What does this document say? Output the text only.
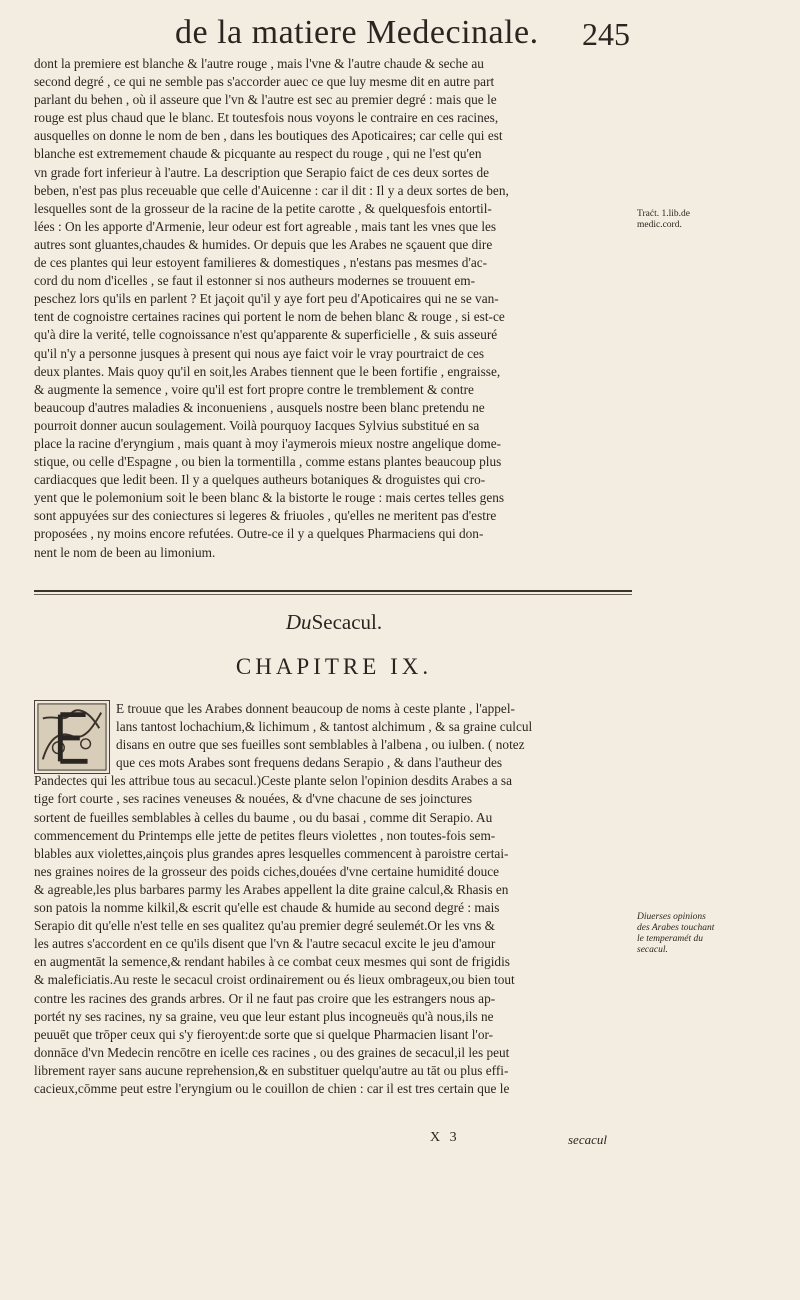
de la matiere Medecinale. 245

dont la premiere est blanche & l'autre rouge , mais l'vne & l'autre chaude & seche au

second degré , ce qui ne semble pas s'accorder auec ce que luy mesme dit en autre part

parlant du behen , où il asseure que l'vn & l'autre est sec au premier degré : mais que le

rouge est plus chaud que le blanc. Et toutesfois nous voyons le contraire en ces racines,

ausquelles on donne le nom de ben , dans les boutiques des Apoticaires; car celle qui est

blanche est extremement chaude & picquante au respect du rouge , qui ne l'est qu'en

vn grade fort inferieur à l'autre. La description que Serapio faict de ces deux sortes de

beben, n'est pas plus receuable que celle d'Auicenne : car il dit : Il y a deux sortes de ben,

lesquelles sont de la grosseur de la racine de la petite carotte , & quelquesfois entortil-

lées : On les apporte d'Armenie, leur odeur est fort agreable , mais tant les vnes que les

autres sont gluantes,chaudes & humides. Or depuis que les Arabes ne sçauent que dire

de ces plantes qui leur estoyent familieres & domestiques , n'estans pas mesmes d'ac-

cord du nom d'icelles , se faut il estonner si nos autheurs modernes se trouuent em-

peschez lors qu'ils en parlent ? Et jaçoit qu'il y aye fort peu d'Apoticaires qui ne se van-

tent de cognoistre certaines racines qui portent le nom de behen blanc & rouge , si est-ce

qu'à dire la verité, telle cognoissance n'est qu'apparente & superficielle , & suis asseuré

qu'il n'y a personne jusques à present qui nous aye faict voir le vray pourtraict de ces

deux plantes. Mais quoy qu'il en soit,les Arabes tiennent que le been fortifie , engraisse,

& augmente la semence , voire qu'il est fort propre contre le tremblement & contre

beaucoup d'autres maladies & inconueniens , ausquels nostre been blanc pretendu ne

pourroit donner aucun soulagement. Voilà pourquoy Iacques Sylvius substitué en sa

place la racine d'eryngium , mais quant à moy i'aymerois mieux nostre angelique dome-

stique, ou celle d'Espagne , ou bien la tormentilla , comme estans plantes beaucoup plus

cardiacques que ledit been. Il y a quelques autheurs botaniques & droguistes qui cro-

yent que le polemonium soit le been blanc & la bistorte le rouge : mais certes telles gens

sont appuyées sur des coniectures si legeres & friuoles , qu'elles ne meritent pas d'estre

proposées , ny moins encore refutées. Outre-ce il y a quelques Pharmaciens qui don-

nent le nom de been au limonium.

Traćt. 1.lib.de medic.cord.
DuSecacul.
CHAPITRE IX.

E trouue que les Arabes donnent beaucoup de noms à ceste plante , l'appel-

lans tantost lochachium,& lichimum , & tantost alchimum , & sa graine culcul

disans en outre que ses fueilles sont semblables à l'albena , ou iulben. ( notez

que ces mots Arabes sont frequens dedans Serapio , & dans l'autheur des

Pandectes qui les attribue tous au secacul.)Ceste plante selon l'opinion desdits Arabes a sa

tige fort courte , ses racines veneuses & nouées, & d'vne chacune de ses joinctures

sortent de fueilles semblables à celles du baume , ou du basai , comme dit Serapio. Au

commencement du Printemps elle jette de petites fleurs violettes , non toutes-fois sem-

blables aux violettes,ainçois plus grandes apres lesquelles commencent à paroistre certai-

nes graines noires de la grosseur des poids ciches,douées d'vne certaine humidité douce

& agreable,les plus barbares parmy les Arabes appellent la dite graine calcul,& Rhasis en

son patois la nomme kilkil,& escrit qu'elle est chaude & humide au second degré : mais

Serapio dit qu'elle n'est telle en ses qualitez qu'au premier degré seulemét.Or les vns &

les autres s'accordent en ce qu'ils disent que l'vn & l'autre secacul excite le jeu d'amour

en augmentāt la semence,& rendant habiles à ce combat ceux mesmes qui sont de frigidis

& maleficiatis.Au reste le secacul croist ordinairement ou és lieux ombrageux,ou bien tout

contre les racines des grands arbres. Or il ne faut pas croire que les estrangers nous ap-

portét ny ses racines, ny sa graine, veu que leur estant plus incogneuës qu'à nous,ils ne

peuuēt que trōper ceux qui s'y fieroyent:de sorte que si quelque Pharmacien lisant l'or-

donnāce d'vn Medecin rencōtre en icelle ces racines , ou des graines de secacul,il les peut

librement rayer sans aucune reprehension,& en substituer quelqu'autre au tāt ou plus effi-

cacieux,cōmme peut estre l'eryngium ou le couillon de chien : car il est tres certain que le

Diuerses opinions des Arabes touchant le temperamét du secacul.
X 3	secacul
